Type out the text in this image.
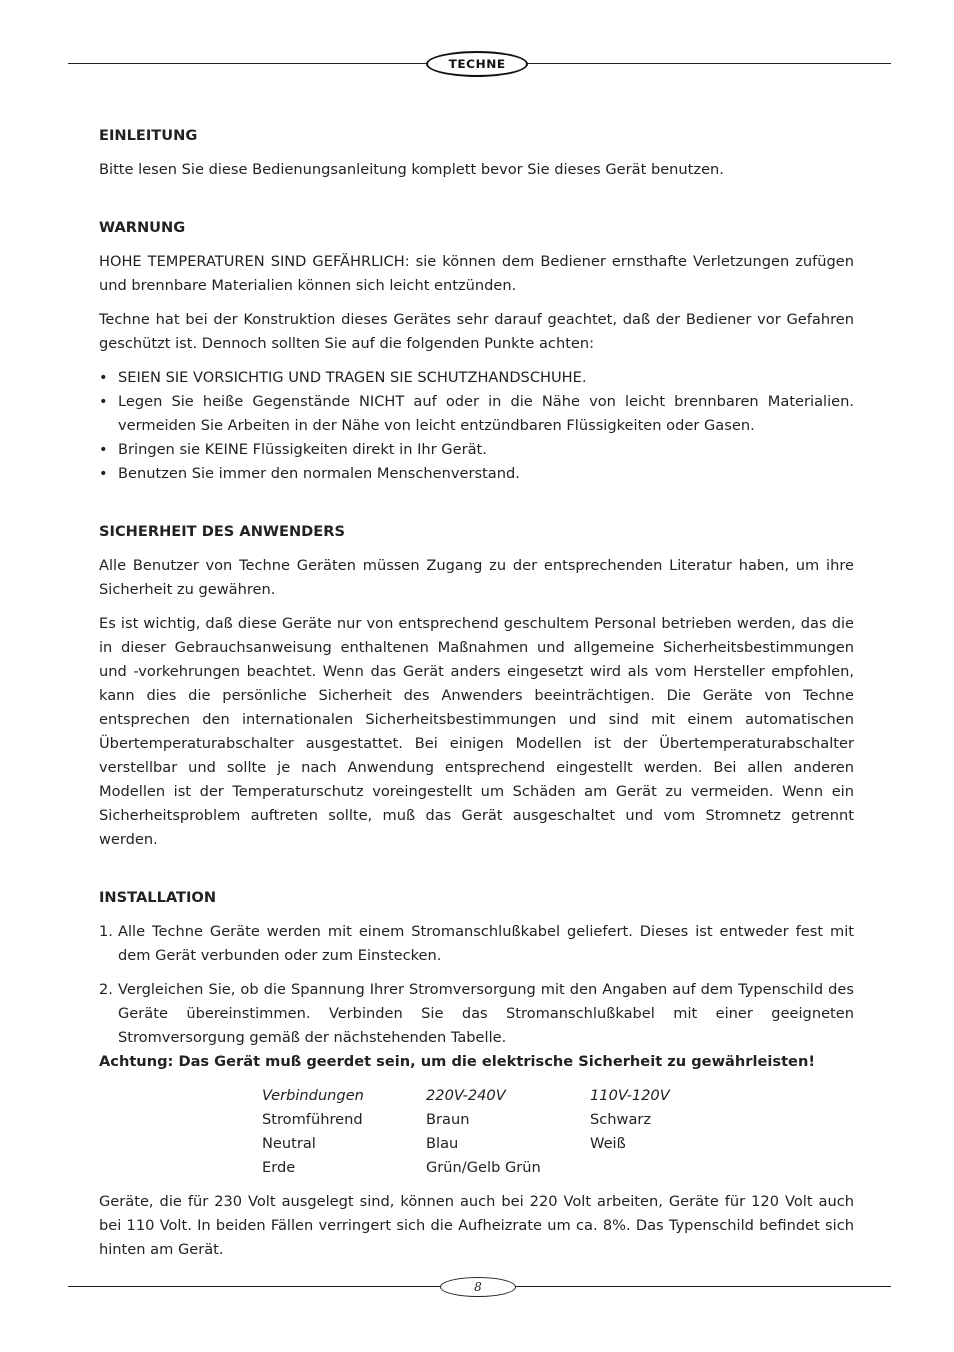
TECHNE

EINLEITUNG

Bitte lesen Sie diese Bedienungsanleitung komplett bevor Sie dieses Gerät benutzen.

WARNUNG

HOHE TEMPERATUREN SIND GEFÄHRLICH: sie können dem Bediener ernsthafte Verletzungen zufügen und brennbare Materialien können sich leicht entzünden.

Techne hat bei der Konstruktion dieses Gerätes sehr darauf geachtet, daß der Bediener vor Gefahren geschützt ist. Dennoch sollten Sie auf die folgenden Punkte achten:

• SEIEN SIE VORSICHTIG UND TRAGEN SIE SCHUTZHANDSCHUHE.
• Legen Sie heiße Gegenstände NICHT auf oder in die Nähe von leicht brennbaren Materialien. vermeiden Sie Arbeiten in der Nähe von leicht entzündbaren Flüssigkeiten oder Gasen.
• Bringen sie KEINE Flüssigkeiten direkt in Ihr Gerät.
• Benutzen Sie immer den normalen Menschenverstand.

SICHERHEIT DES ANWENDERS

Alle Benutzer von Techne Geräten müssen Zugang zu der entsprechenden Literatur haben, um ihre Sicherheit zu gewähren.

Es ist wichtig, daß diese Geräte nur von entsprechend geschultem Personal betrieben werden, das die in dieser Gebrauchsanweisung enthaltenen Maßnahmen und allgemeine Sicherheitsbestimmungen und -vorkehrungen beachtet. Wenn das Gerät anders eingesetzt wird als vom Hersteller empfohlen, kann dies die persönliche Sicherheit des Anwenders beeinträchtigen. Die Geräte von Techne entsprechen den internationalen Sicherheitsbestimmungen und sind mit einem automatischen Übertemperaturabschalter ausgestattet. Bei einigen Modellen ist der Übertemperaturabschalter verstellbar und sollte je nach Anwendung entsprechend eingestellt werden. Bei allen anderen Modellen ist der Temperaturschutz voreingestellt um Schäden am Gerät zu vermeiden. Wenn ein Sicherheitsproblem auftreten sollte, muß das Gerät ausgeschaltet und vom Stromnetz getrennt werden.

INSTALLATION

1. Alle Techne Geräte werden mit einem Stromanschlußkabel geliefert. Dieses ist entweder fest mit dem Gerät verbunden oder zum Einstecken.
2. Vergleichen Sie, ob die Spannung Ihrer Stromversorgung mit den Angaben auf dem Typenschild des Geräte übereinstimmen. Verbinden Sie das Stromanschlußkabel mit einer geeigneten Stromversorgung gemäß der nächstehenden Tabelle.

Achtung: Das Gerät muß geerdet sein, um die elektrische Sicherheit zu gewährleisten!

Verbindungen	220V-240V	110V-120V
Stromführend	Braun	Schwarz
Neutral	Blau	Weiß
Erde	Grün/Gelb Grün	

Geräte, die für 230 Volt ausgelegt sind, können auch bei 220 Volt arbeiten, Geräte für 120 Volt auch bei 110 Volt. In beiden Fällen verringert sich die Aufheizrate um ca. 8%. Das Typenschild befindet sich hinten am Gerät.

8
